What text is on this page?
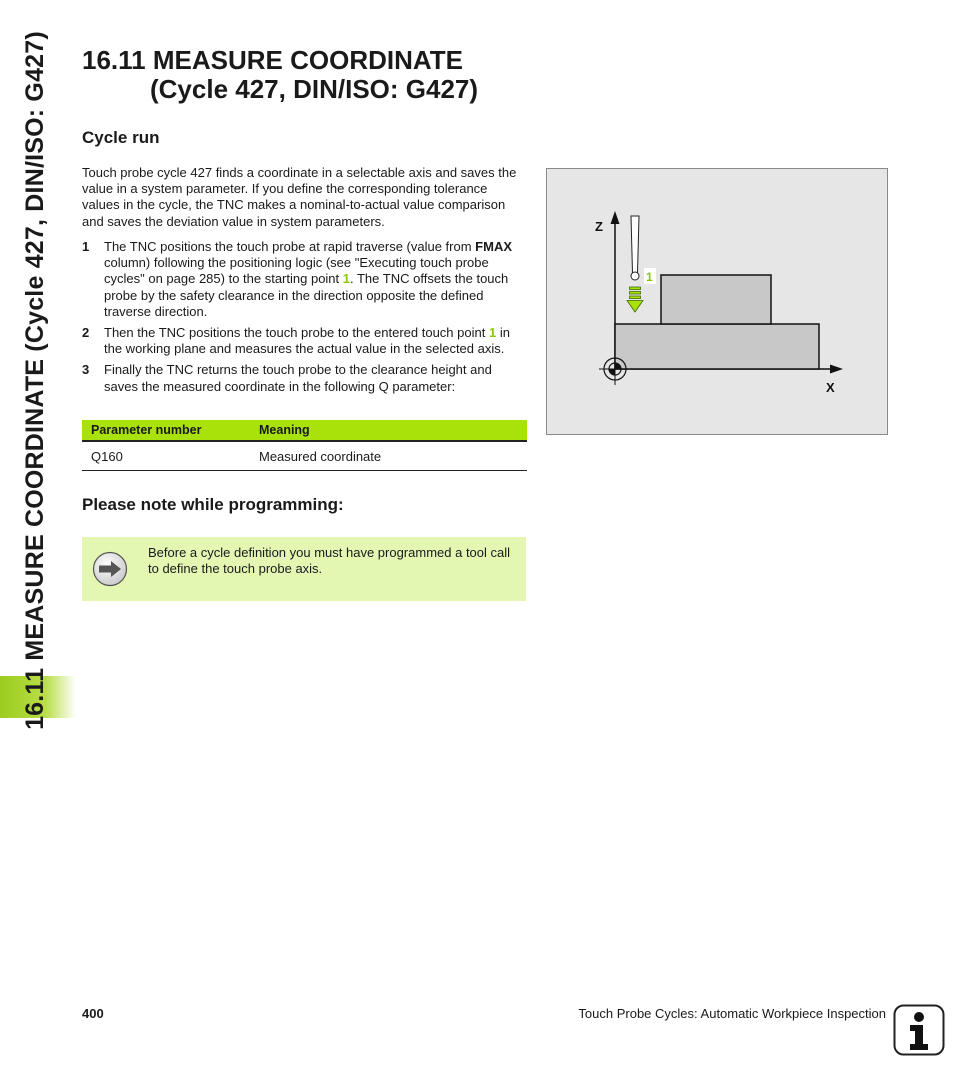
16.11 MEASURE COORDINATE (Cycle 427, DIN/ISO: G427) 16.11 MEASURE COORDINATE
(Cycle 427, DIN/ISO: G427)
Cycle run

Touch probe cycle 427 finds a coordinate in a selectable axis and saves the value in a system parameter. If you define the corresponding tolerance values in the cycle, the TNC makes a nominal-to-actual value comparison and saves the deviation value in system parameters.

1	The TNC positions the touch probe at rapid traverse (value from FMAX column) following the positioning logic (see "Executing touch probe cycles" on page 285) to the starting point 1. The TNC offsets the touch probe by the safety clearance in the direction opposite the defined traverse direction.
2	Then the TNC positions the touch probe to the entered touch point 1 in the working plane and measures the actual value in the selected axis.
3	Finally the TNC returns the touch probe to the clearance height and saves the measured coordinate in the following Q parameter:
Parameter number	Meaning
Q160	Measured coordinate
Please note while programming:
Before a cycle definition you must have programmed a tool call to define the touch probe axis.
Z
X
1
400	Touch Probe Cycles: Automatic Workpiece Inspection
